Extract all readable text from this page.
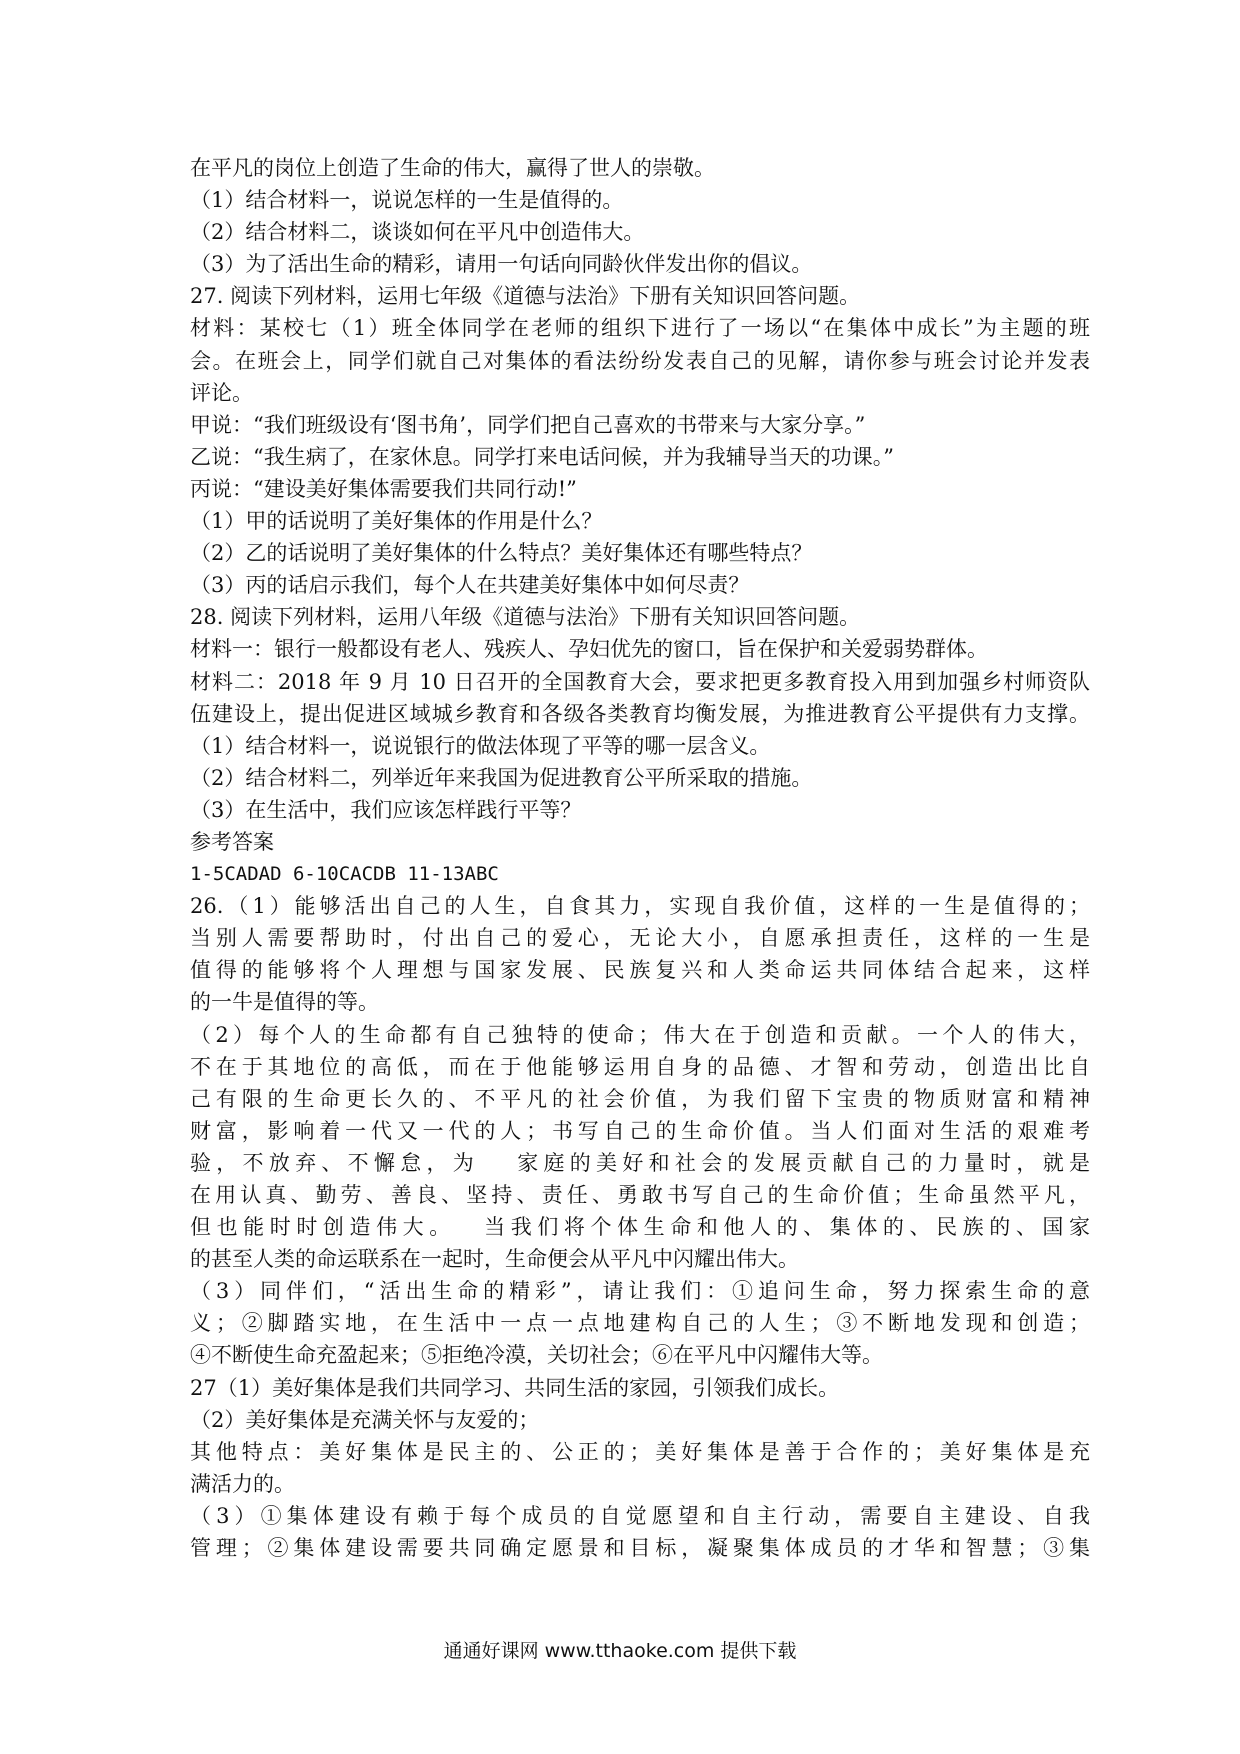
在平凡的岗位上创造了生命的伟大，赢得了世人的崇敬。
（1）结合材料一，说说怎样的一生是值得的。
（2）结合材料二，谈谈如何在平凡中创造伟大。
（3）为了活出生命的精彩，请用一句话向同龄伙伴发出你的倡议。
27. 阅读下列材料，运用七年级《道德与法治》下册有关知识回答问题。
材料：某校七（1）班全体同学在老师的组织下进行了一场以“在集体中成长”为主题的班
会。在班会上，同学们就自己对集体的看法纷纷发表自己的见解，请你参与班会讨论并发表
评论。
甲说：“我们班级设有‘图书角’，同学们把自己喜欢的书带来与大家分享。”
乙说：“我生病了，在家休息。同学打来电话问候，并为我辅导当天的功课。”
丙说：“建设美好集体需要我们共同行动!”
（1）甲的话说明了美好集体的作用是什么？
（2）乙的话说明了美好集体的什么特点？美好集体还有哪些特点？
（3）丙的话启示我们，每个人在共建美好集体中如何尽责？
28. 阅读下列材料，运用八年级《道德与法治》下册有关知识回答问题。
材料一：银行一般都设有老人、残疾人、孕妇优先的窗口，旨在保护和关爱弱势群体。
材料二：2018 年 9 月 10 日召开的全国教育大会，要求把更多教育投入用到加强乡村师资队
伍建设上，提出促进区域城乡教育和各级各类教育均衡发展，为推进教育公平提供有力支撑。
（1）结合材料一，说说银行的做法体现了平等的哪一层含义。
（2）结合材料二，列举近年来我国为促进教育公平所采取的措施。
（3）在生活中，我们应该怎样践行平等？
参考答案
1-5CADAD 6-10CACDB 11-13ABC
26.（1）能够活出自己的人生，自食其力，实现自我价值，这样的一生是值得的；
当别人需要帮助时，付出自己的爱心，无论大小，自愿承担责任，这样的一生是
值得的能够将个人理想与国家发展、民族复兴和人类命运共同体结合起来，这样
的一牛是值得的等。
（2）每个人的生命都有自己独特的使命；伟大在于创造和贡献。一个人的伟大，
不在于其地位的高低，而在于他能够运用自身的品德、才智和劳动，创造出比自
己有限的生命更长久的、不平凡的社会价值，为我们留下宝贵的物质财富和精神
财富，影响着一代又一代的人；书写自己的生命价值。当人们面对生活的艰难考
验，不放弃、不懈怠，为　 家庭的美好和社会的发展贡献自己的力量时，就是
在用认真、勤劳、善良、坚持、责任、勇敢书写自己的生命价值；生命虽然平凡，
但也能时时创造伟大。　 当我们将个体生命和他人的、集体的、民族的、国家
的甚至人类的命运联系在一起时，生命便会从平凡中闪耀出伟大。
（3）同伴们，“活出生命的精彩”，请让我们：①追问生命，努力探索生命的意
义；②脚踏实地，在生活中一点一点地建构自己的人生；③不断地发现和创造；
④不断使生命充盈起来；⑤拒绝冷漠，关切社会；⑥在平凡中闪耀伟大等。
27（1）美好集体是我们共同学习、共同生活的家园，引领我们成长。
（2）美好集体是充满关怀与友爱的；
其他特点：美好集体是民主的、公正的；美好集体是善于合作的；美好集体是充
满活力的。
（3）①集体建设有赖于每个成员的自觉愿望和自主行动，需要自主建设、自我
管理；②集体建设需要共同确定愿景和目标，凝聚集体成员的才华和智慧；③集
通通好课网 www.tthaoke.com 提供下载
